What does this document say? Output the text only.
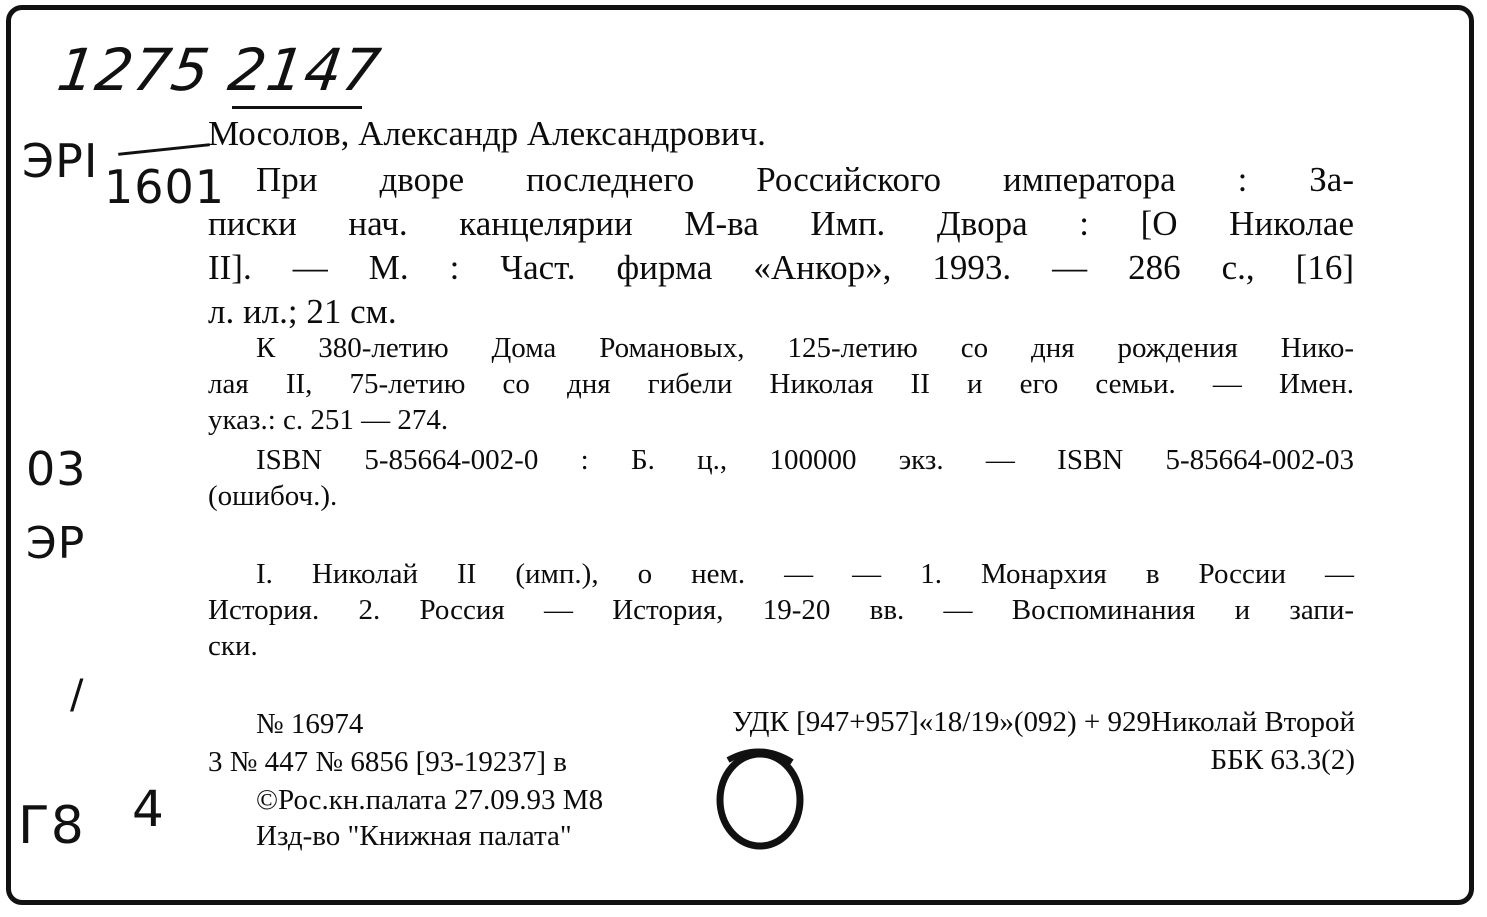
1275 2147
ЭРI 1601
03
ЭР
/
Г8 4
Мосолов, Александр Александрович.
При дворе последнего Российского императора : За-
писки нач. канцелярии М-ва Имп. Двора : [О Николае
II]. — М. : Част. фирма «Анкор», 1993. — 286 с., [16]
л. ил.; 21 см.
К 380-летию Дома Романовых, 125-летию со дня рождения Нико-
лая II, 75-летию со дня гибели Николая II и его семьи. — Имен.
указ.: с. 251 — 274.
ISBN 5-85664-002-0 : Б. ц., 100000 экз. — ISBN 5-85664-002-03
(ошибоч.).
I. Николай II (имп.), о нем. — — 1. Монархия в России —
История. 2. Россия — История, 19-20 вв. — Воспоминания и запи-
ски.
№ 16974	УДК [947+957]«18/19»(092) + 929Николай Второй
3 № 447 № 6856 [93-19237] в	ББК 63.3(2)
©Рос.кн.палата 27.09.93 М8
Изд-во "Книжная палата"
